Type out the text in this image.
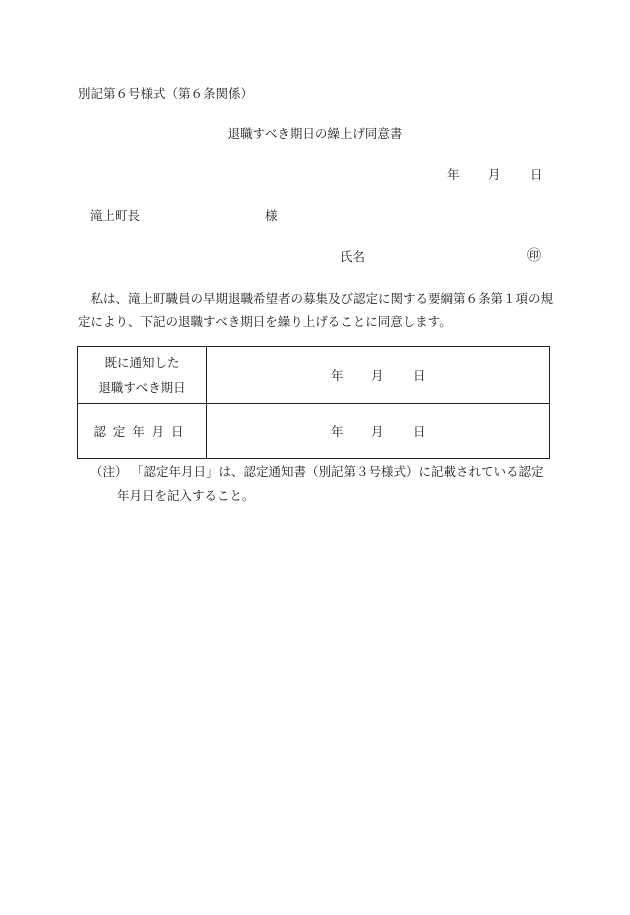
別記第６号様式（第６条関係）
退職すべき期日の繰上げ同意書
年 月 日
滝上町長	様
氏名	㊞
私は、滝上町職員の早期退職希望者の募集及び認定に関する要綱第６条第１項の規定により、下記の退職すべき期日を繰り上げることに同意します。
既に通知した
退職すべき期日	年 月 日

認定年月日	年 月 日
（注） 「認定年月日」は、認定通知書（別記第３号様式）に記載されている認定
年月日を記入すること。
